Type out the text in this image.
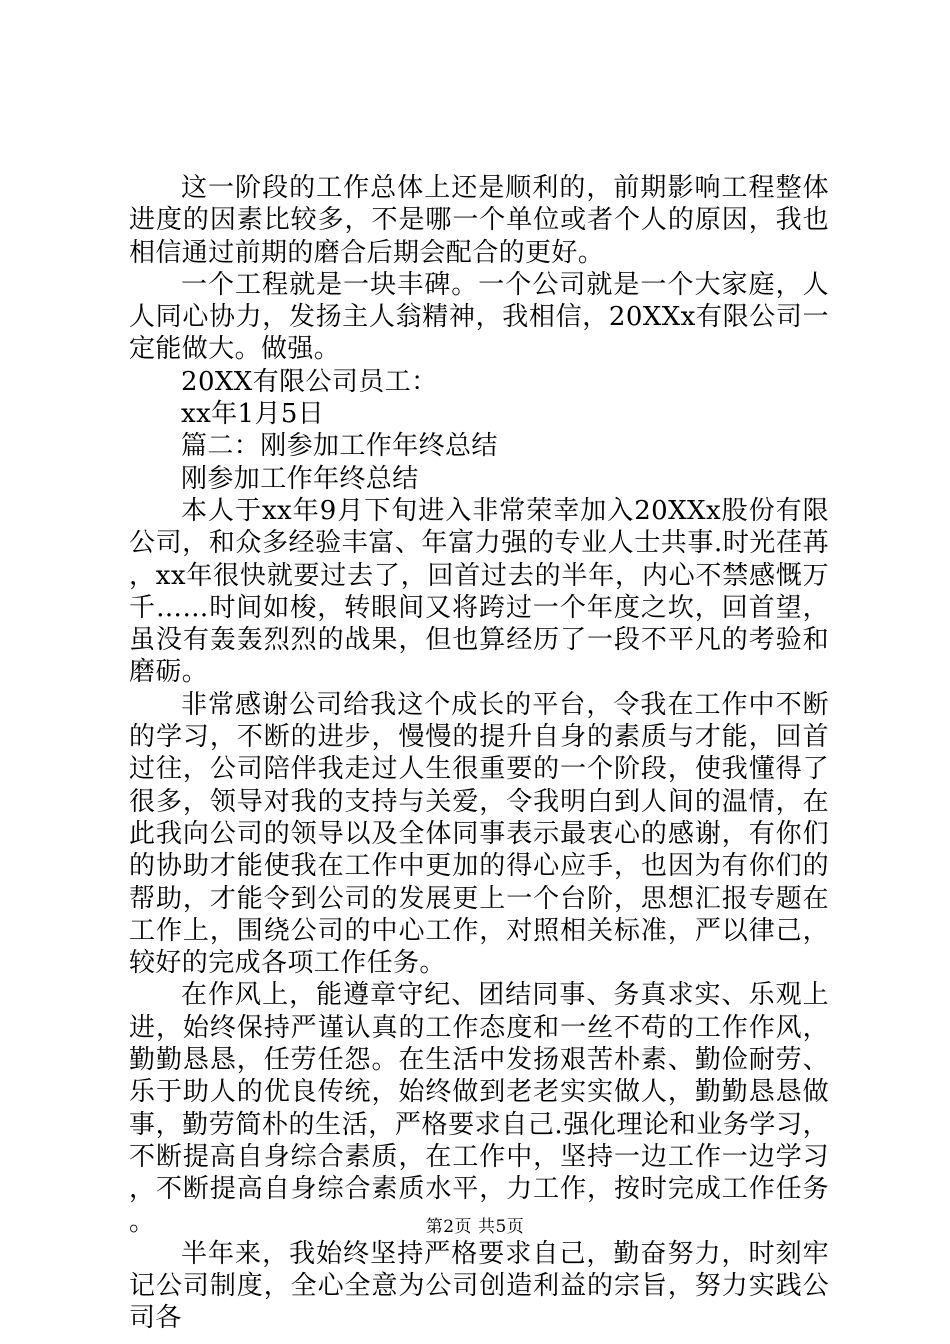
这一阶段的工作总体上还是顺利的，前期影响工程整体进度的因素比较多，不是哪一个单位或者个人的原因，我也相信通过前期的磨合后期会配合的更好。

一个工程就是一块丰碑。一个公司就是一个大家庭，人人同心协力，发扬主人翁精神，我相信，20XXx有限公司一定能做大。做强。

20XX有限公司员工：

xx年1月5日

篇二：刚参加工作年终总结

刚参加工作年终总结

本人于xx年9月下旬进入非常荣幸加入20XXx股份有限公司，和众多经验丰富、年富力强的专业人士共事.时光荏苒，xx年很快就要过去了，回首过去的半年，内心不禁感慨万千……时间如梭，转眼间又将跨过一个年度之坎，回首望，虽没有轰轰烈烈的战果，但也算经历了一段不平凡的考验和磨砺。

非常感谢公司给我这个成长的平台，令我在工作中不断的学习，不断的进步，慢慢的提升自身的素质与才能，回首过往，公司陪伴我走过人生很重要的一个阶段，使我懂得了很多，领导对我的支持与关爱，令我明白到人间的温情，在此我向公司的领导以及全体同事表示最衷心的感谢，有你们的协助才能使我在工作中更加的得心应手，也因为有你们的帮助，才能令到公司的发展更上一个台阶，思想汇报专题在工作上，围绕公司的中心工作，对照相关标准，严以律己，较好的完成各项工作任务。

在作风上，能遵章守纪、团结同事、务真求实、乐观上进，始终保持严谨认真的工作态度和一丝不苟的工作作风，勤勤恳恳，任劳任怨。在生活中发扬艰苦朴素、勤俭耐劳、乐于助人的优良传统，始终做到老老实实做人，勤勤恳恳做事，勤劳简朴的生活，严格要求自己.强化理论和业务学习，不断提高自身综合素质，在工作中，坚持一边工作一边学习，不断提高自身综合素质水平，力工作，按时完成工作任务。

半年来，我始终坚持严格要求自己，勤奋努力，时刻牢记公司制度，全心全意为公司创造利益的宗旨，努力实践公司各

第2页 共5页
